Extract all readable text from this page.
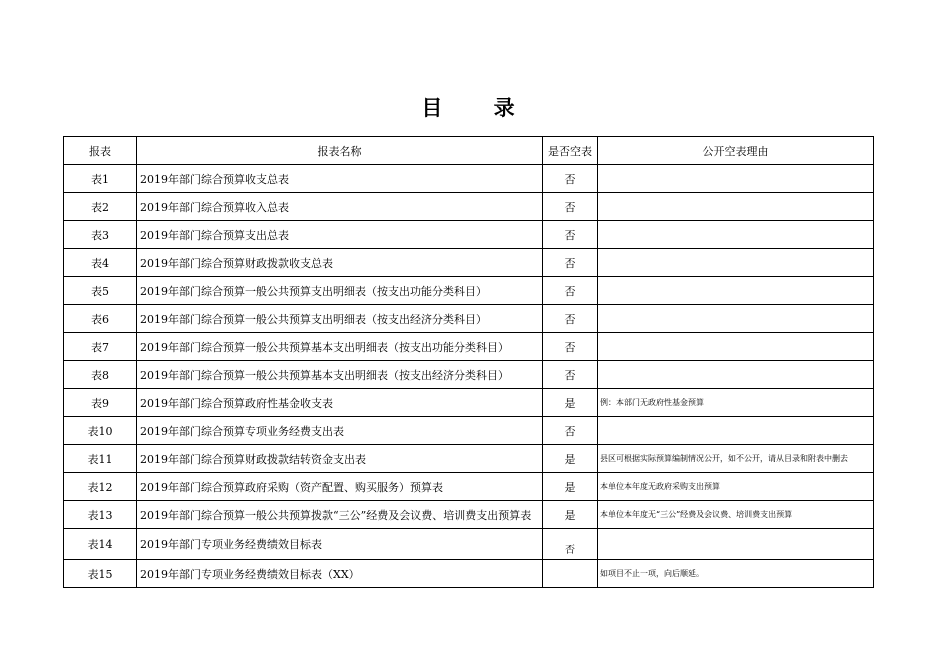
目 录
报表	报表名称	是否空表	公开空表理由
表1	2019年部门综合预算收支总表	否	
表2	2019年部门综合预算收入总表	否	
表3	2019年部门综合预算支出总表	否	
表4	2019年部门综合预算财政拨款收支总表	否	
表5	2019年部门综合预算一般公共预算支出明细表（按支出功能分类科目）	否	
表6	2019年部门综合预算一般公共预算支出明细表（按支出经济分类科目）	否	
表7	2019年部门综合预算一般公共预算基本支出明细表（按支出功能分类科目）	否	
表8	2019年部门综合预算一般公共预算基本支出明细表（按支出经济分类科目）	否	
表9	2019年部门综合预算政府性基金收支表	是	例：本部门无政府性基金预算
表10	2019年部门综合预算专项业务经费支出表	否	
表11	2019年部门综合预算财政拨款结转资金支出表	是	县区可根据实际预算编制情况公开，如不公开，请从目录和附表中删去
表12	2019年部门综合预算政府采购（资产配置、购买服务）预算表	是	本单位本年度无政府采购支出预算
表13	2019年部门综合预算一般公共预算拨款“三公”经费及会议费、培训费支出预算表	是	本单位本年度无“三公”经费及会议费、培训费支出预算
表14	2019年部门专项业务经费绩效目标表	否	
表15	2019年部门专项业务经费绩效目标表（XX）		如项目不止一项，向后顺延。
